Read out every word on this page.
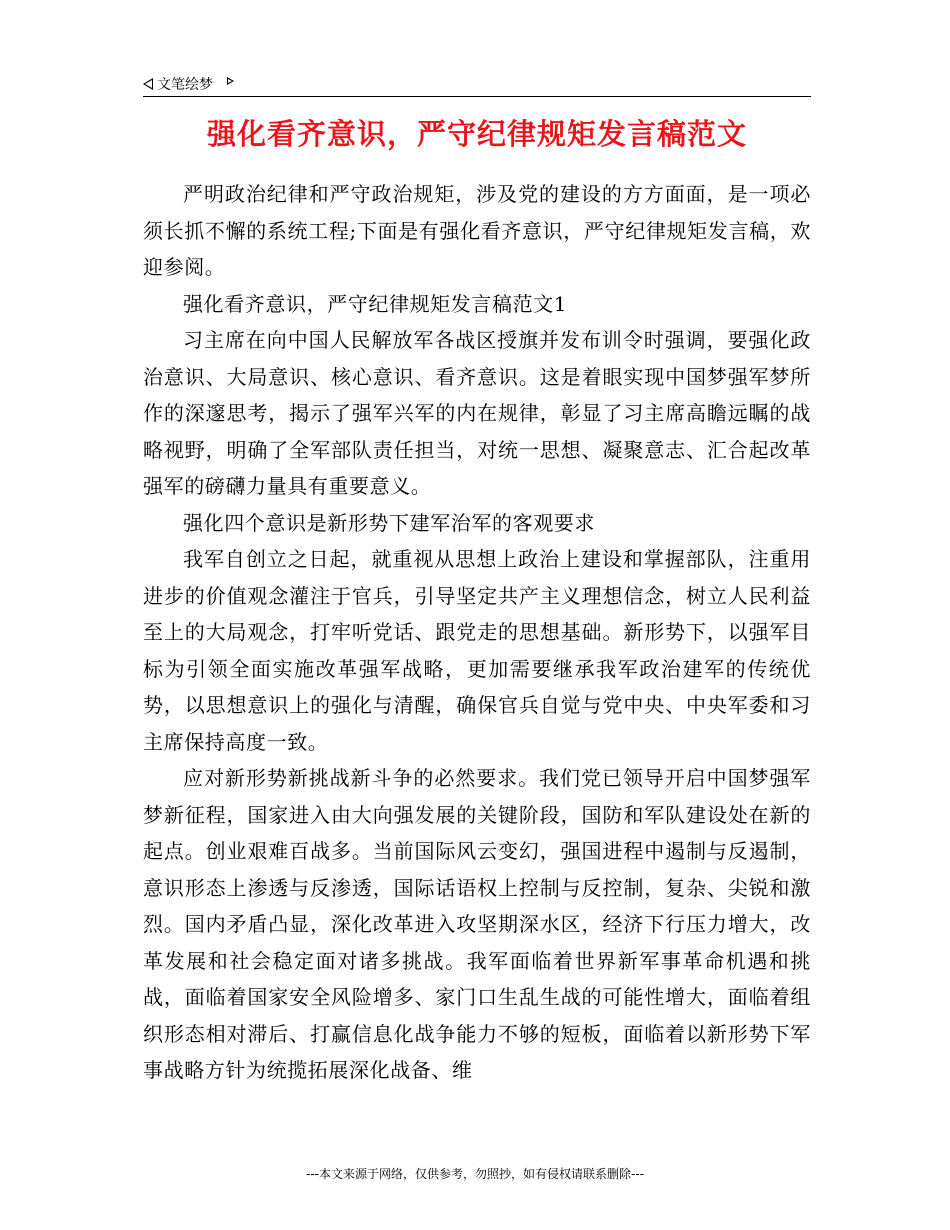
文笔绘梦
强化看齐意识，严守纪律规矩发言稿范文

严明政治纪律和严守政治规矩，涉及党的建设的方方面面，是一项必须长抓不懈的系统工程;下面是有强化看齐意识，严守纪律规矩发言稿，欢迎参阅。

强化看齐意识，严守纪律规矩发言稿范文1

习主席在向中国人民解放军各战区授旗并发布训令时强调，要强化政治意识、大局意识、核心意识、看齐意识。这是着眼实现中国梦强军梦所作的深邃思考，揭示了强军兴军的内在规律，彰显了习主席高瞻远瞩的战略视野，明确了全军部队责任担当，对统一思想、凝聚意志、汇合起改革强军的磅礴力量具有重要意义。

强化四个意识是新形势下建军治军的客观要求

我军自创立之日起，就重视从思想上政治上建设和掌握部队，注重用进步的价值观念灌注于官兵，引导坚定共产主义理想信念，树立人民利益至上的大局观念，打牢听党话、跟党走的思想基础。新形势下，以强军目标为引领全面实施改革强军战略，更加需要继承我军政治建军的传统优势，以思想意识上的强化与清醒，确保官兵自觉与党中央、中央军委和习主席保持高度一致。

应对新形势新挑战新斗争的必然要求。我们党已领导开启中国梦强军梦新征程，国家进入由大向强发展的关键阶段，国防和军队建设处在新的起点。创业艰难百战多。当前国际风云变幻，强国进程中遏制与反遏制，意识形态上渗透与反渗透，国际话语权上控制与反控制，复杂、尖锐和激烈。国内矛盾凸显，深化改革进入攻坚期深水区，经济下行压力增大，改革发展和社会稳定面对诸多挑战。我军面临着世界新军事革命机遇和挑战，面临着国家安全风险增多、家门口生乱生战的可能性增大，面临着组织形态相对滞后、打赢信息化战争能力不够的短板，面临着以新形势下军事战略方针为统揽拓展深化战备、维

---本文来源于网络，仅供参考，勿照抄，如有侵权请联系删除---
